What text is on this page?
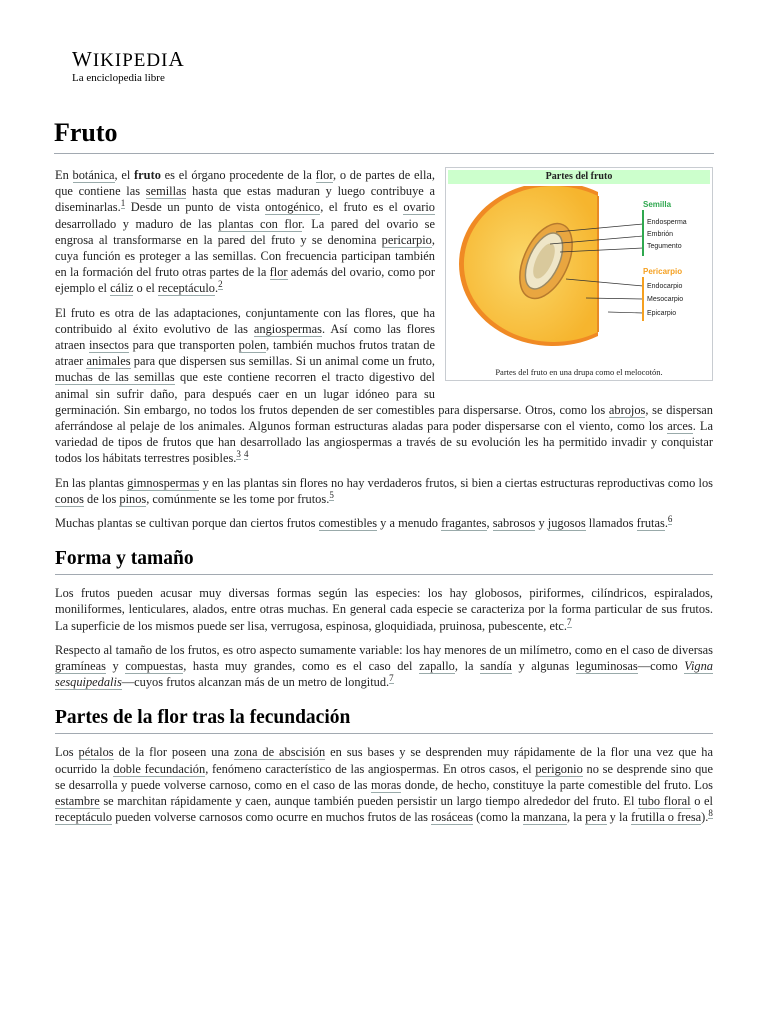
WIKIPEDIA
La enciclopedia libre
Fruto
Partes del fruto
Semilla
Endosperma
Embrión
Tegumento
Pericarpio
Endocarpio
Mesocarpio
Epicarpio
Partes del fruto en una drupa como el melocotón.

En botánica, el fruto es el órgano procedente de la flor, o de partes de ella, que contiene las semillas hasta que estas maduran y luego contribuye a diseminarlas.$^1$ Desde un punto de vista ontogénico, el fruto es el ovario desarrollado y maduro de las plantas con flor. La pared del ovario se engrosa al transformarse en la pared del fruto y se denomina pericarpio, cuya función es proteger a las semillas. Con frecuencia participan también en la formación del fruto otras partes de la flor además del ovario, como por ejemplo el cáliz o el receptáculo.$^2$

El fruto es otra de las adaptaciones, conjuntamente con las flores, que ha contribuido al éxito evolutivo de las angiospermas. Así como las flores atraen insectos para que transporten polen, también muchos frutos tratan de atraer animales para que dispersen sus semillas. Si un animal come un fruto, muchas de las semillas que este contiene recorren el tracto digestivo del animal sin sufrir daño, para después caer en un lugar idóneo para su germinación. Sin embargo, no todos los frutos dependen de ser comestibles para dispersarse. Otros, como los abrojos, se dispersan aferrándose al pelaje de los animales. Algunos forman estructuras aladas para poder dispersarse con el viento, como los arces. La variedad de tipos de frutos que han desarrollado las angiospermas a través de su evolución les ha permitido invadir y conquistar todos los hábitats terrestres posibles.$^3$ $^4$

En las plantas gimnospermas y en las plantas sin flores no hay verdaderos frutos, si bien a ciertas estructuras reproductivas como los conos de los pinos, comúnmente se les tome por frutos.$^5$

Muchas plantas se cultivan porque dan ciertos frutos comestibles y a menudo fragantes, sabrosos y jugosos llamados frutas.$^6$

Forma y tamaño

Los frutos pueden acusar muy diversas formas según las especies: los hay globosos, piriformes, cilíndricos, espiralados, moniliformes, lenticulares, alados, entre otras muchas. En general cada especie se caracteriza por la forma particular de sus frutos. La superficie de los mismos puede ser lisa, verrugosa, espinosa, gloquidiada, pruinosa, pubescente, etc.$^7$

Respecto al tamaño de los frutos, es otro aspecto sumamente variable: los hay menores de un milímetro, como en el caso de diversas gramíneas y compuestas, hasta muy grandes, como es el caso del zapallo, la sandía y algunas leguminosas—como Vigna sesquipedalis—cuyos frutos alcanzan más de un metro de longitud.$^7$

Partes de la flor tras la fecundación

Los pétalos de la flor poseen una zona de abscisión en sus bases y se desprenden muy rápidamente de la flor una vez que ha ocurrido la doble fecundación, fenómeno característico de las angiospermas. En otros casos, el perigonio no se desprende sino que se desarrolla y puede volverse carnoso, como en el caso de las moras donde, de hecho, constituye la parte comestible del fruto. Los estambre se marchitan rápidamente y caen, aunque también pueden persistir un largo tiempo alrededor del fruto. El tubo floral o el receptáculo pueden volverse carnosos como ocurre en muchos frutos de las rosáceas (como la manzana, la pera y la frutilla o fresa).$^8$
